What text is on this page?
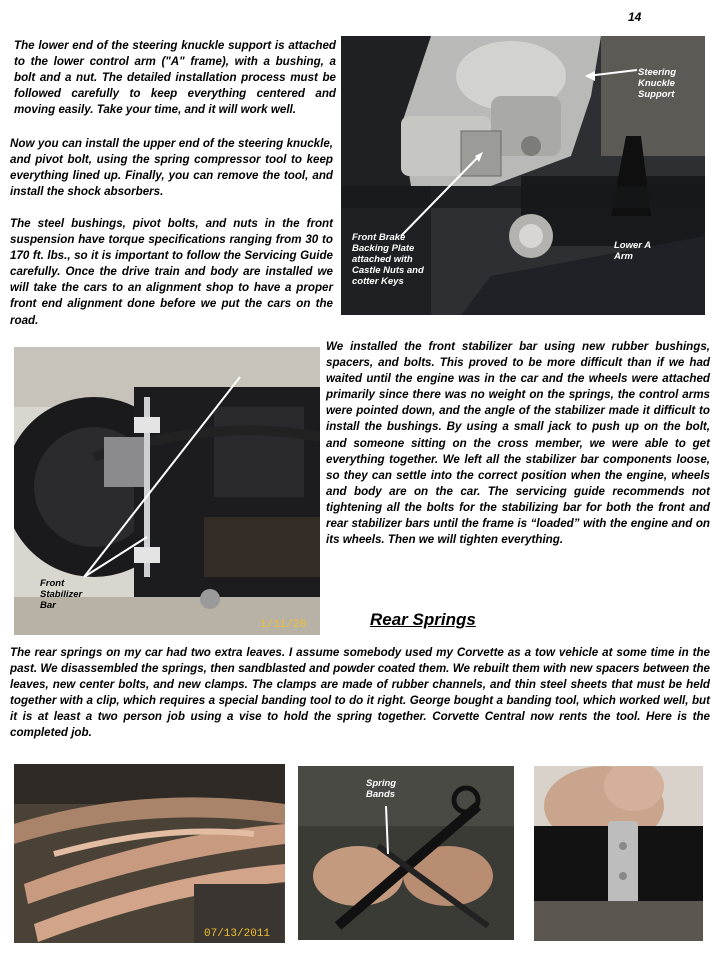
14

The lower end of the steering knuckle support is attached to the lower control arm ("A" frame), with a bushing, a bolt and a nut. The detailed installation process must be followed carefully to keep everything centered and moving easily. Take your time, and it will work well.

Now you can install the upper end of the steering knuckle, and pivot bolt, using the spring compressor tool to keep everything lined up. Finally, you can remove the tool, and install the shock absorbers.

The steel bushings, pivot bolts, and nuts in the front suspension have torque specifications ranging from 30 to 170 ft. lbs., so it is important to follow the Servicing Guide carefully. Once the drive train and body are installed we will take the cars to an alignment shop to have a proper front end alignment done before we put the cars on the road.

Steering
Knuckle
Support
Front Brake
Backing Plate
attached with
Castle Nuts and
cotter Keys
Lower A
Arm
1/11/20
Front
Stabilizer
Bar

We installed the front stabilizer bar using new rubber bushings, spacers, and bolts. This proved to be more difficult than if we had waited until the engine was in the car and the wheels were attached primarily since there was no weight on the springs, the control arms were pointed down, and the angle of the stabilizer made it difficult to install the bushings. By using a small jack to push up on the bolt, and someone sitting on the cross member, we were able to get everything together. We left all the stabilizer bar components loose, so they can settle into the correct position when the engine, wheels and body are on the car. The servicing guide recommends not tightening all the bolts for the stabilizing bar for both the front and rear stabilizer bars until the frame is “loaded” with the engine and on its wheels. Then we will tighten everything.

Rear Springs

The rear springs on my car had two extra leaves. I assume somebody used my Corvette as a tow vehicle at some time in the past. We disassembled the springs, then sandblasted and powder coated them. We rebuilt them with new spacers between the leaves, new center bolts, and new clamps. The clamps are made of rubber channels, and thin steel sheets that must be held together with a clip, which requires a special banding tool to do it right. George bought a banding tool, which worked well, but it is at least a two person job using a vise to hold the spring together. Corvette Central now rents the tool. Here is the completed job.

07/13/2011
Spring
Bands
